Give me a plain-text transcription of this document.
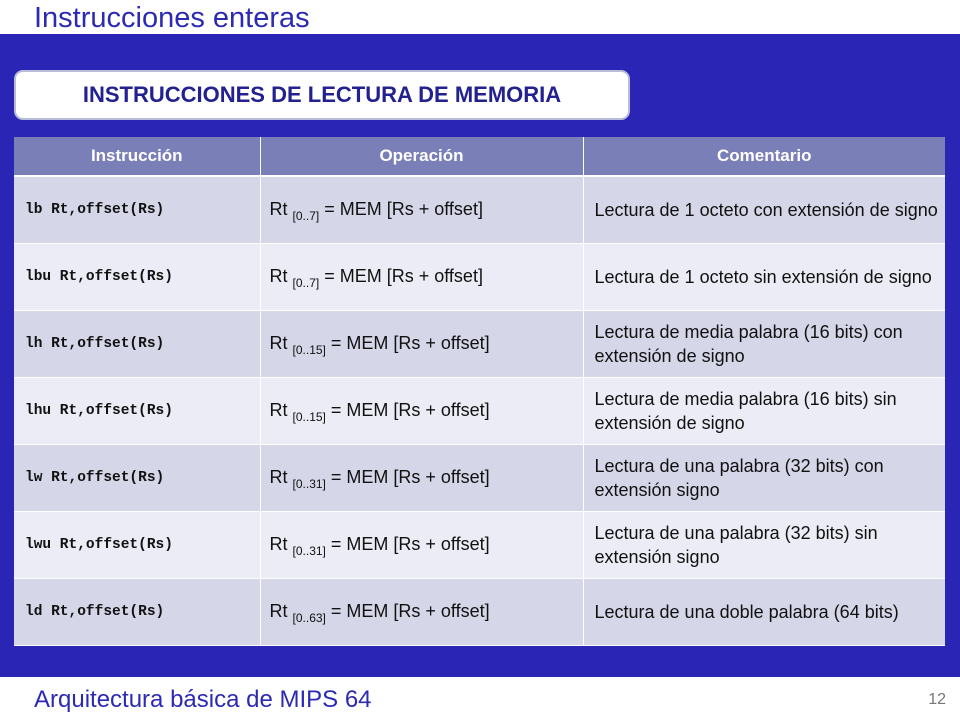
Instrucciones enteras
INSTRUCCIONES DE LECTURA DE MEMORIA
Instrucción	Operación	Comentario
lb Rt,offset(Rs)	Rt $_{[0..7]}$ = MEM [Rs + offset]	Lectura de 1 octeto con extensión de signo
lbu Rt,offset(Rs)	Rt $_{[0..7]}$ = MEM [Rs + offset]	Lectura de 1 octeto sin extensión de signo
lh Rt,offset(Rs)	Rt $_{[0..15]}$ = MEM [Rs + offset]	Lectura de media palabra (16 bits) con extensión de signo
lhu Rt,offset(Rs)	Rt $_{[0..15]}$ = MEM [Rs + offset]	Lectura de media palabra (16 bits) sin extensión de signo
lw Rt,offset(Rs)	Rt $_{[0..31]}$ = MEM [Rs + offset]	Lectura de una palabra (32 bits) con extensión signo
lwu Rt,offset(Rs)	Rt $_{[0..31]}$ = MEM [Rs + offset]	Lectura de una palabra (32 bits) sin extensión signo
ld Rt,offset(Rs)	Rt $_{[0..63]}$ = MEM [Rs + offset]	Lectura de una doble palabra (64 bits)
Arquitectura básica de MIPS 64	12
